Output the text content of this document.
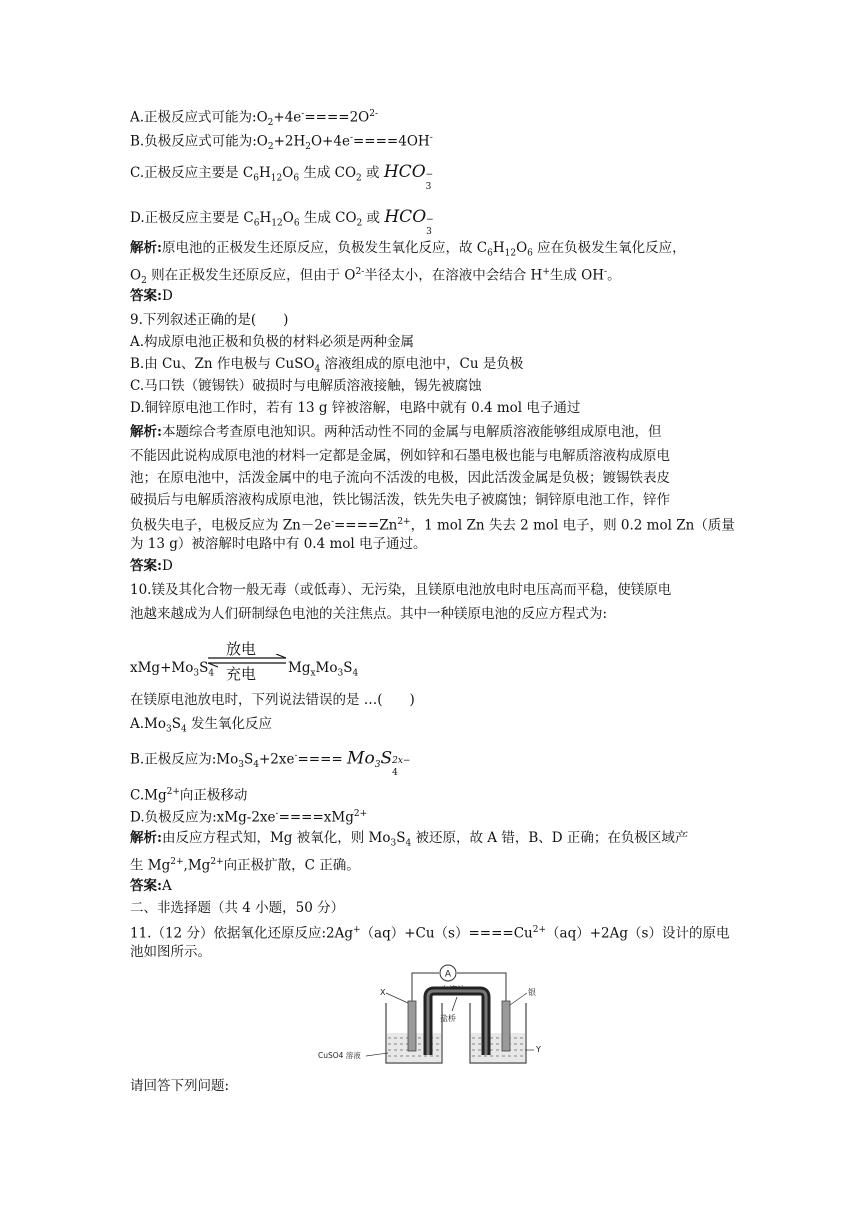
A.正极反应式可能为$:O_2+4e^-====2O^{2-}$
B.负极反应式可能为$:O_2+2H_2O+4e^-====4OH^-$
C.正极反应主要是 $C_6H_{12}O_6$ 生成 $CO_2$ 或 HCO −
3
D.正极反应主要是 $C_6H_{12}O_6$ 生成 $CO_2$ 或 HCO −
3
解析:原电池的正极发生还原反应，负极发生氧化反应，故 $C_6H_{12}O_6$ 应在负极发生氧化反应，
$O_2$ 则在正极发生还原反应，但由于 $O^{2-}$半径太小，在溶液中会结合 H+生成 OH-。
答案:D
9.下列叙述正确的是(　　)
A.构成原电池正极和负极的材料必须是两种金属
B.由 Cu、Zn 作电极与 CuSO$_4$ 溶液组成的原电池中，Cu 是负极
C.马口铁（镀锡铁）破损时与电解质溶液接触，锡先被腐蚀
D.铜锌原电池工作时，若有 13 g 锌被溶解，电路中就有 0.4 mol 电子通过
解析:本题综合考查原电池知识。两种活动性不同的金属与电解质溶液能够组成原电池，但
不能因此说构成原电池的材料一定都是金属，例如锌和石墨电极也能与电解质溶液构成原电
池；在原电池中，活泼金属中的电子流向不活泼的电极，因此活泼金属是负极；镀锡铁表皮
破损后与电解质溶液构成原电池，铁比锡活泼，铁先失电子被腐蚀；铜锌原电池工作，锌作
负极失电子，电极反应为 $Zn-2e^-====Zn^{2+}$，1 mol Zn 失去 2 mol 电子，则 0.2 mol Zn（质量
为 13 g）被溶解时电路中有 0.4 mol 电子通过。
答案:D
10.镁及其化合物一般无毒（或低毒）、无污染，且镁原电池放电时电压高而平稳，使镁原电
池越来越成为人们研制绿色电池的关注焦点。其中一种镁原电池的反应方程式为:
$xMg+Mo_3S_4$
放电
充电 $Mg_xMo_3S_4$
在镁原电池放电时，下列说法错误的是 …(　　)
$A.Mo_3S_4$ 发生氧化反应
B.正极反应为$:Mo_3S_4+2xe^-==== Mo_3S$ 2x−
4
$C.Mg^{2+}$向正极移动
D.负极反应为:xMg-2xe-====xMg$^{2+}$
解析:由反应方程式知，Mg 被氧化，则 $Mo_3S_4$ 被还原，故 A 错，B、D 正确；在负极区域产
生 $Mg^{2+},Mg^{2+}$向正极扩散，C 正确。
答案:A
二、非选择题（共 4 小题，50 分）
11.（12 分）依据氧化还原反应$:2Ag^+(aq)+Cu(s)====Cu^{2+}(aq)+2Ag(s)$设计的原电
池如图所示。
A
电流计
盐桥
X	银
Y
CuSO4 溶液
请回答下列问题:
